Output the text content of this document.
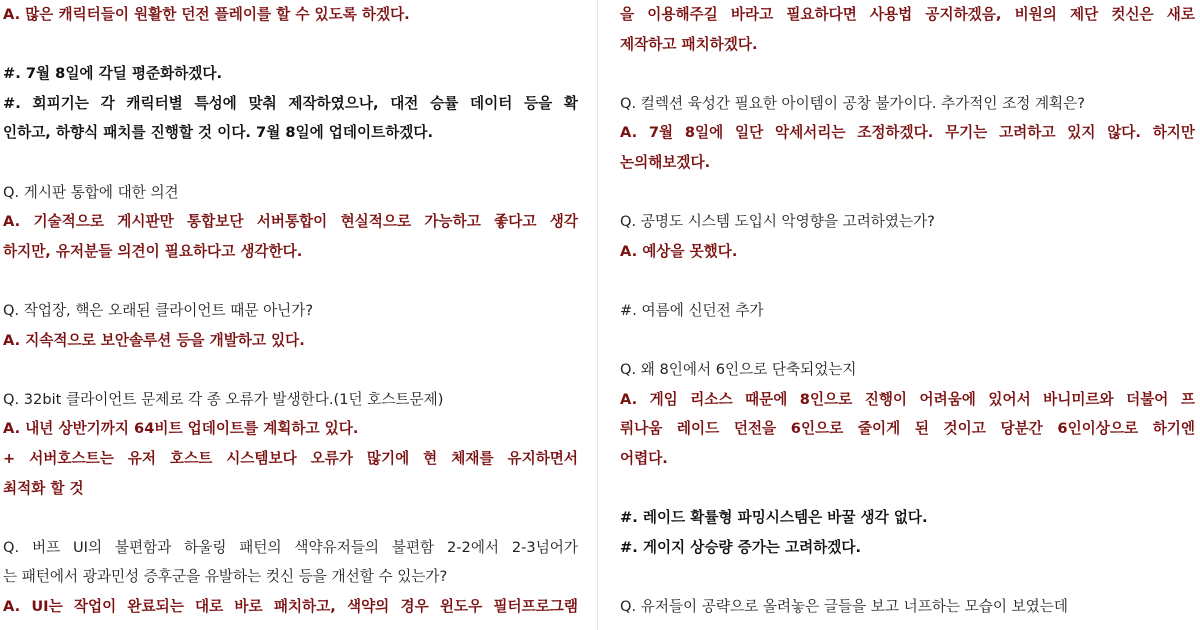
A. 많은 캐릭터들이 원활한 던전 플레이를 할 수 있도록 하겠다.
#. 7월 8일에 각딜 평준화하겠다.
#. 회피기는 각 캐릭터별 특성에 맞춰 제작하였으나, 대전 승률 데이터 등을 확
인하고, 하향식 패치를 진행할 것 이다. 7월 8일에 업데이트하겠다.
Q. 게시판 통합에 대한 의견
A. 기술적으로 게시판만 통합보단 서버통합이 현실적으로 가능하고 좋다고 생각
하지만, 유저분들 의견이 필요하다고 생각한다.
Q. 작업장, 핵은 오래된 클라이언트 때문 아닌가?
A. 지속적으로 보안솔루션 등을 개발하고 있다.
Q. 32bit 클라이언트 문제로 각 종 오류가 발생한다.(1던 호스트문제)
A. 내년 상반기까지 64비트 업데이트를 계획하고 있다.
+ 서버호스트는 유저 호스트 시스템보다 오류가 많기에 현 체재를 유지하면서
최적화 할 것
Q. 버프 UI의 불편함과 하울링 패턴의 색약유저들의 불편함 2-2에서 2-3넘어가
는 패턴에서 광과민성 증후군을 유발하는 컷신 등을 개선할 수 있는가?
A. UI는 작업이 완료되는 대로 바로 패치하고, 색약의 경우 윈도우 필터프로그램
을 이용해주길 바라고 필요하다면 사용법 공지하겠음, 비원의 제단 컷신은 새로
제작하고 패치하겠다.
Q. 컬렉션 육성간 필요한 아이템이 공창 불가이다. 추가적인 조정 계획은?
A. 7월 8일에 일단 악세서리는 조정하겠다. 무기는 고려하고 있지 않다. 하지만
논의해보겠다.
Q. 공명도 시스템 도입시 악영향을 고려하였는가?
A. 예상을 못했다.
#. 여름에 신던전 추가
Q. 왜 8인에서 6인으로 단축되었는지
A. 게임 리소스 때문에 8인으로 진행이 어려움에 있어서 바니미르와 더불어 프
뤼나움 레이드 던전을 6인으로 줄이게 된 것이고 당분간 6인이상으로 하기엔
어렵다.
#. 레이드 확률형 파밍시스템은 바꿀 생각 없다.
#. 게이지 상승량 증가는 고려하겠다.
Q. 유저들이 공략으로 올려놓은 글들을 보고 너프하는 모습이 보였는데
